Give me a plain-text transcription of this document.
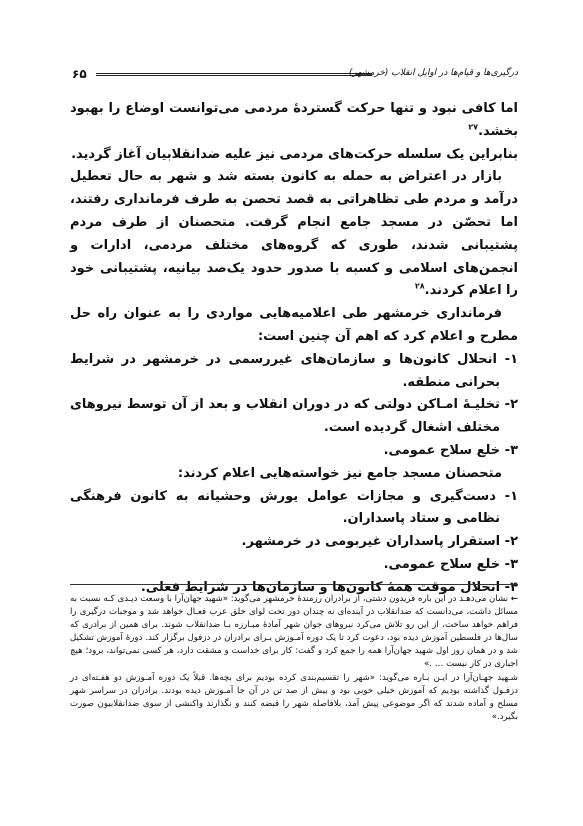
۶۵	درگیری‌ها و قیام‌ها در اوایل انقلاب (خرمشهر)

اما کافی نبود و تنها حرکت گستردهٔ مردمی می‌توانست اوضاع را بهبود بخشد.$^{۲۷}$

بنابراین یک سلسله حرکت‌های مردمی نیز علیه ضدانقلابیان آغاز گردید.

بازار در اعتراض به حمله به کانون بسته شد و شهر به حال تعطیل درآمد و مردم طی تظاهراتی به قصد تحصن به طرف فرمانداری رفتند، اما تحصّن در مسجد جامع انجام گرفت. متحصنان از طرف مردم پشتیبانی شدند، طوری که گروه‌های مختلف مردمی، ادارات و انجمن‌های اسلامی و کسبه با صدور حدود یک‌صد بیانیه، پشتیبانی خود را اعلام کردند.$^{۲۸}$

فرمانداری خرمشهر طی اعلامیه‌هایی مواردی را به عنوان راه حل مطرح و اعلام کرد که اهم آن چنین است:

۱- انحلال کانون‌ها و سازمان‌های غیررسمی در خرمشهر در شرایط بحرانی منطقه.

۲- تخلیـهٔ امـاکن دولتی که در دوران انقلاب و بعد از آن توسط نیروهای مختلف اشغال گردیده است.

۳- خلع سلاح عمومی.

متحصنان مسجد جامع نیز خواسته‌هایی اعلام کردند:

۱- دست‌گیری و مجازات عوامل یورش وحشیانه به کانون فرهنگی نظامی و ستاد پاسداران.

۲- استقرار پاسداران غیربومی در خرمشهر.

۳- خلع سلاح عمومی.

۴- انحلال موقت همهٔ کانون‌ها و سازمان‌ها در شرایط فعلی.

← نشان می‌دهـد در این باره فریدون دشتی، از برادران رزمندهٔ خرمشهر می‌گوید: «شهید جهان‌آرا با وسعت دیـدی کـه نسبت به مسائل داشت، می‌دانست که ضدانقلاب در آینده‌ای نه چندان دور تحت لوای خلق عرب فعـال خواهد شد و موجبات درگیری را فراهم خواهد ساخت، از این رو تلاش می‌کرد نیروهای جوان شهر آمادهٔ مبـارزه بـا ضدانقلاب شوند. برای همین از برادری که سال‌ها در فلسطین آموزش دیده بود، دعوت کرد تا یک دوره آمـوزش بـرای برادران در دزفول برگزار کند. دورهٔ آموزش تشکیل شد و در همان روز اول شهید جهان‌آرا همه را جمع کرد و گفت: کار برای خداست و مشقت دارد، هر کسی نمی‌تواند، برود؛ هیچ اجباری در کار نیست … .»

شـهید جهـان‌آرا در ایـن بـاره می‌گوید: «شهر را تقسیم‌بندی کرده بودیم برای بچه‌ها. قبلاً یک دوره آمـوزش دو هفـته‌ای در دزفـول گذاشته بودیم که آموزش خیلی خوبی بود و بیش از صد تن در آن جا آمـوزش دیده بودند. برادران در سراسر شهر مسلح و آماده شدند که اگر موضوعی پیش آمد، بلافاصله شهر را قبضه کنند و نگذارند واکنشی از سوی ضدانقلابیون صورت بگیرد.»
